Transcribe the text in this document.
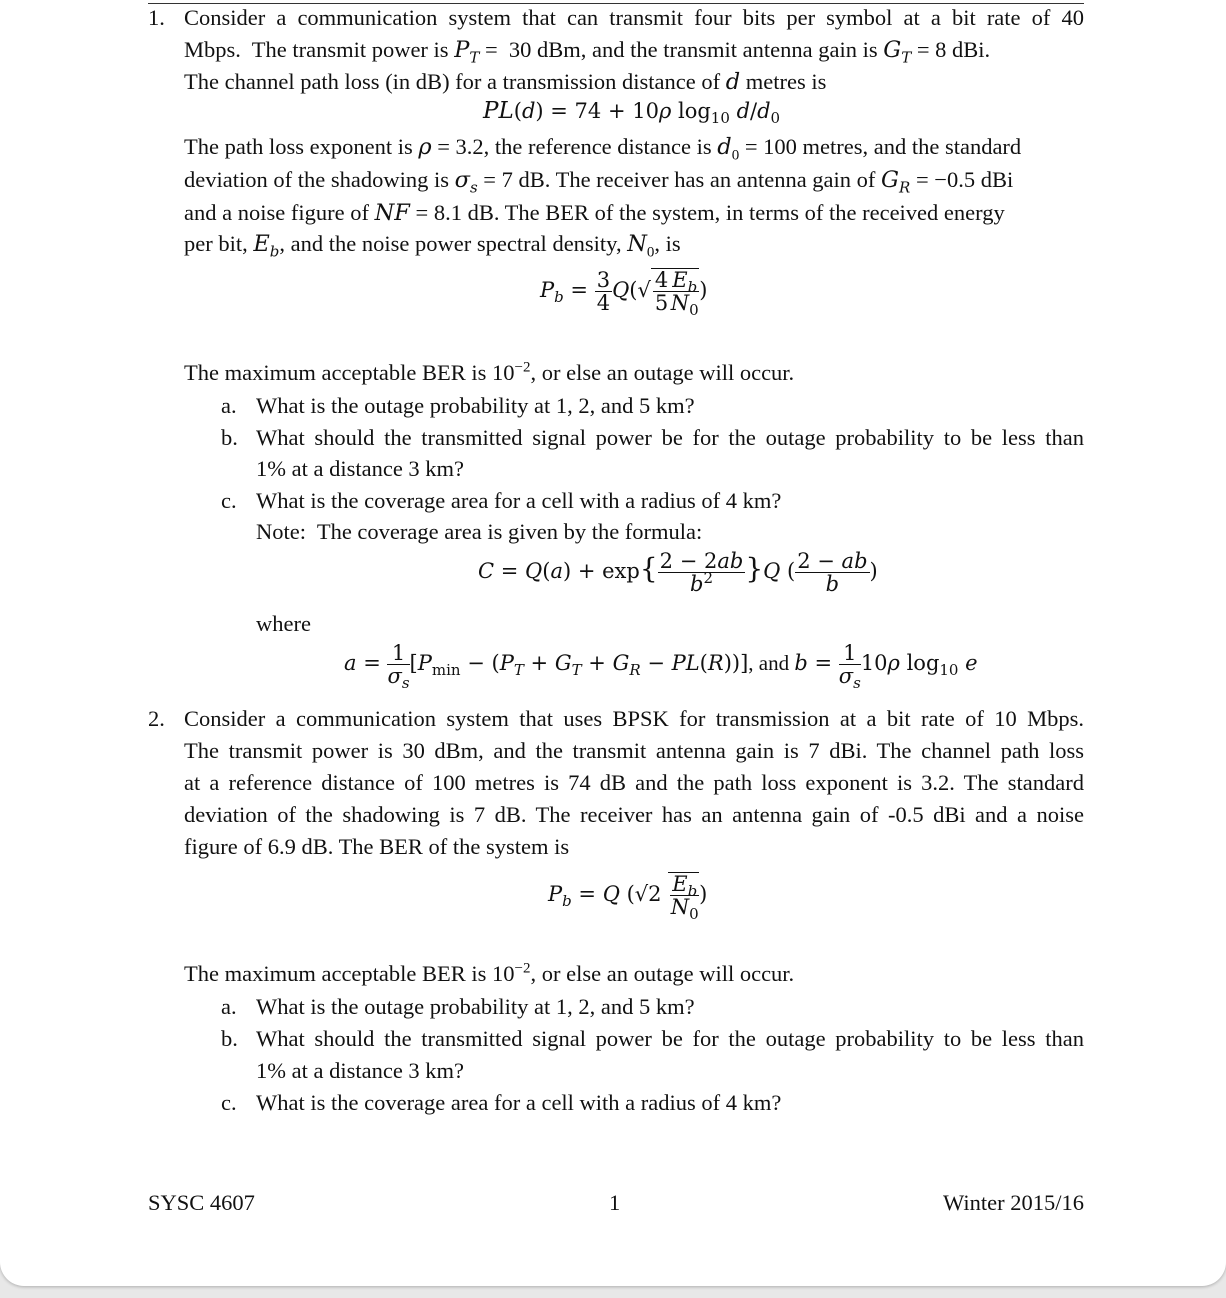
1. Consider a communication system that can transmit four bits per symbol at a bit rate of 40
Mbps.  The transmit power is $P_T = 30$ dBm, and the transmit antenna gain is $G_T = 8$ dBi.
The channel path loss (in dB) for a transmission distance of d metres is
PL(d) = 74 + 10ρ $\log_{10} d/d_0$
The path loss exponent is ρ = 3.2, the reference distance is $d_0 = 100$ metres, and the standard
deviation of the shadowing is $\sigma_s = 7$ dB. The receiver has an antenna gain of $G_R = -0.5$ dBi
and a noise figure of NF = 8.1 dB. The BER of the system, in terms of the received energy
per bit, $E_b$, and the noise power spectral density, $N_0$, is
$P_b = \frac{3}{4} Q(√ \frac{4}{5} \frac{E_b}{N_0}$ )
The maximum acceptable BER is $10^{-2}$, or else an outage will occur.
a. What is the outage probability at 1, 2, and 5 km?
b. What should the transmitted signal power be for the outage probability to be less than
1% at a distance 3 km?
c. What is the coverage area for a cell with a radius of 4 km?
Note:  The coverage area is given by the formula:
$C = Q(a) + \exp\{ \frac{2 - 2ab}{b^2} \}Q$ ( $\frac{2 - ab}{b}$ )
where
$a = \frac{1}{\sigma_s} [P_{min} - (P_T + G_T + G_R - PL(R))]$, and $b = \frac{1}{\sigma_s} 10\rho$ $\log_{10} e$
2. Consider a communication system that uses BPSK for transmission at a bit rate of 10 Mbps.
The transmit power is 30 dBm, and the transmit antenna gain is 7 dBi. The channel path loss
at a reference distance of 100 metres is 74 dB and the path loss exponent is 3.2. The standard
deviation of the shadowing is 7 dB. The receiver has an antenna gain of -0.5 dBi and a noise
figure of 6.9 dB. The BER of the system is
$P_b = Q$ ($√2 \frac{E_b}{N_0}$ )
The maximum acceptable BER is $10^{-2}$, or else an outage will occur.
a. What is the outage probability at 1, 2, and 5 km?
b. What should the transmitted signal power be for the outage probability to be less than
1% at a distance 3 km?
c. What is the coverage area for a cell with a radius of 4 km?
SYSC 4607	1	Winter 2015/16
